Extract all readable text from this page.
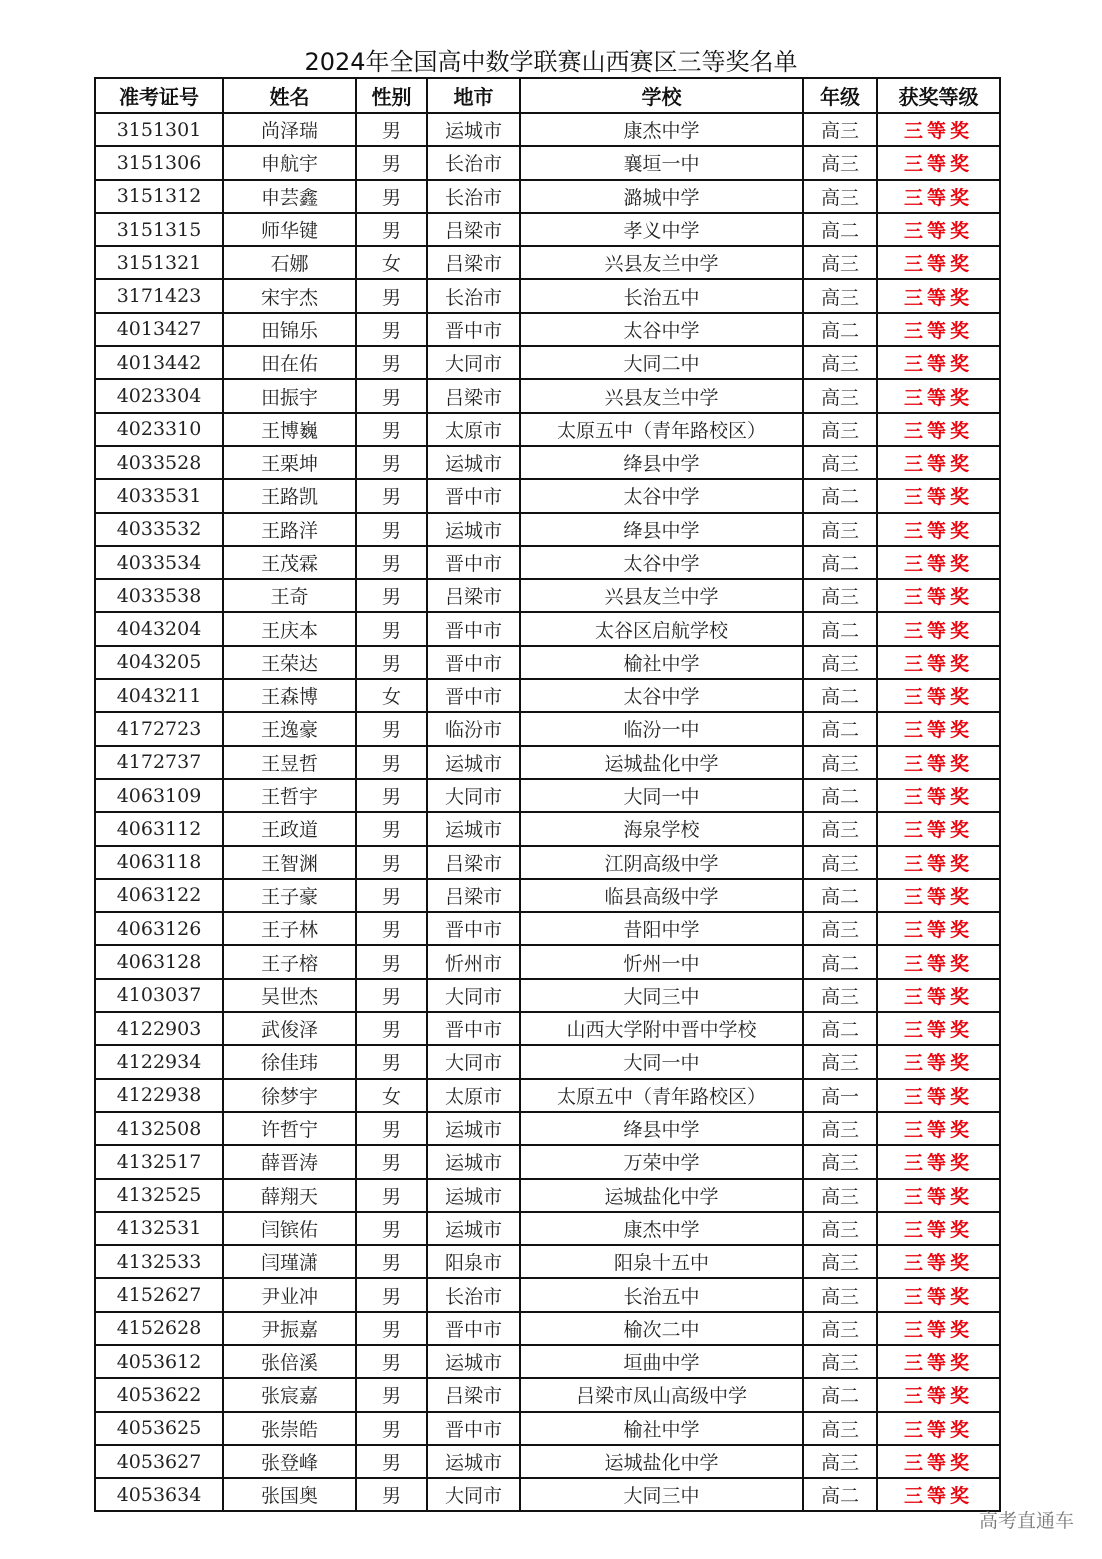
2024年全国高中数学联赛山西赛区三等奖名单
准考证号	姓名	性别	地市	学校	年级	获奖等级
3151301	尚泽瑞	男	运城市	康杰中学	高三	三等奖
3151306	申航宇	男	长治市	襄垣一中	高三	三等奖
3151312	申芸鑫	男	长治市	潞城中学	高三	三等奖
3151315	师华键	男	吕梁市	孝义中学	高二	三等奖
3151321	石娜	女	吕梁市	兴县友兰中学	高三	三等奖
3171423	宋宇杰	男	长治市	长治五中	高三	三等奖
4013427	田锦乐	男	晋中市	太谷中学	高二	三等奖
4013442	田在佑	男	大同市	大同二中	高三	三等奖
4023304	田振宇	男	吕梁市	兴县友兰中学	高三	三等奖
4023310	王博巍	男	太原市	太原五中（青年路校区）	高三	三等奖
4033528	王栗坤	男	运城市	绛县中学	高三	三等奖
4033531	王路凯	男	晋中市	太谷中学	高二	三等奖
4033532	王路洋	男	运城市	绛县中学	高三	三等奖
4033534	王茂霖	男	晋中市	太谷中学	高二	三等奖
4033538	王奇	男	吕梁市	兴县友兰中学	高三	三等奖
4043204	王庆本	男	晋中市	太谷区启航学校	高二	三等奖
4043205	王荣达	男	晋中市	榆社中学	高三	三等奖
4043211	王森博	女	晋中市	太谷中学	高二	三等奖
4172723	王逸豪	男	临汾市	临汾一中	高二	三等奖
4172737	王昱哲	男	运城市	运城盐化中学	高三	三等奖
4063109	王哲宇	男	大同市	大同一中	高二	三等奖
4063112	王政道	男	运城市	海泉学校	高三	三等奖
4063118	王智渊	男	吕梁市	江阴高级中学	高三	三等奖
4063122	王子豪	男	吕梁市	临县高级中学	高二	三等奖
4063126	王子林	男	晋中市	昔阳中学	高三	三等奖
4063128	王子榕	男	忻州市	忻州一中	高二	三等奖
4103037	吴世杰	男	大同市	大同三中	高三	三等奖
4122903	武俊泽	男	晋中市	山西大学附中晋中学校	高二	三等奖
4122934	徐佳玮	男	大同市	大同一中	高三	三等奖
4122938	徐梦宇	女	太原市	太原五中（青年路校区）	高一	三等奖
4132508	许哲宁	男	运城市	绛县中学	高三	三等奖
4132517	薛晋涛	男	运城市	万荣中学	高三	三等奖
4132525	薛翔天	男	运城市	运城盐化中学	高三	三等奖
4132531	闫镔佑	男	运城市	康杰中学	高三	三等奖
4132533	闫瑾潇	男	阳泉市	阳泉十五中	高三	三等奖
4152627	尹业冲	男	长治市	长治五中	高三	三等奖
4152628	尹振嘉	男	晋中市	榆次二中	高三	三等奖
4053612	张倍溪	男	运城市	垣曲中学	高三	三等奖
4053622	张宸嘉	男	吕梁市	吕梁市凤山高级中学	高二	三等奖
4053625	张崇皓	男	晋中市	榆社中学	高三	三等奖
4053627	张登峰	男	运城市	运城盐化中学	高三	三等奖
4053634	张国奥	男	大同市	大同三中	高二	三等奖
高考直通车
